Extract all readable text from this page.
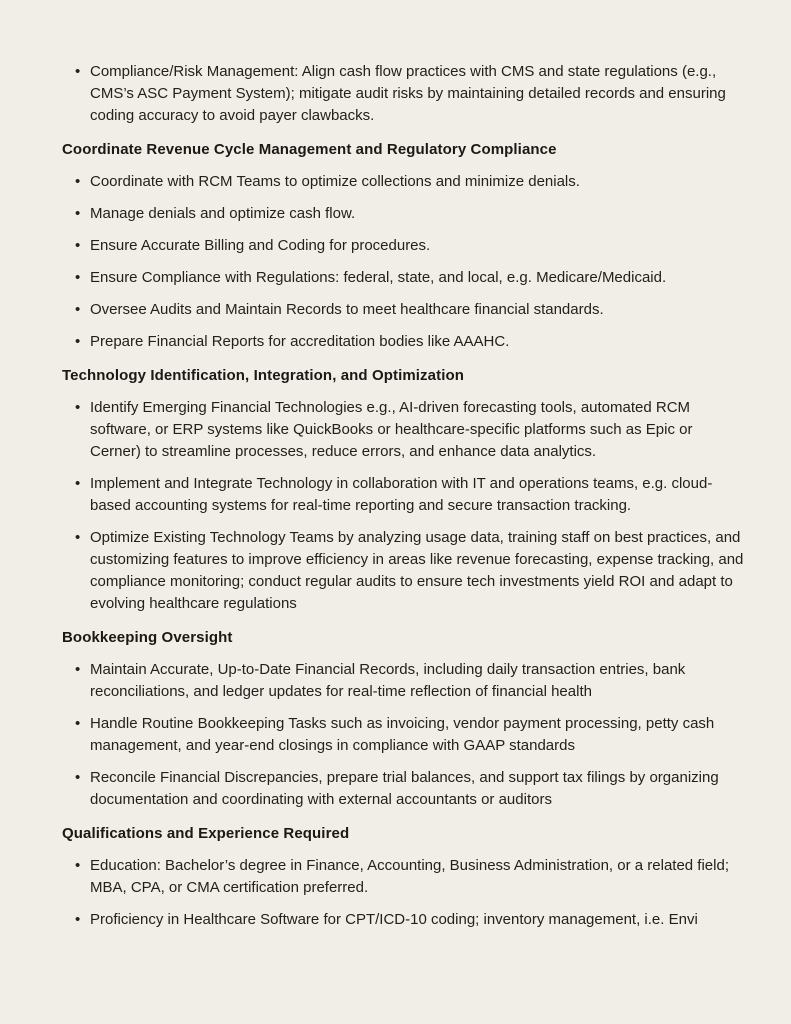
• Compliance/Risk Management: Align cash flow practices with CMS and state regulations (e.g., CMS’s ASC Payment System); mitigate audit risks by maintaining detailed records and ensuring coding accuracy to avoid payer clawbacks.
Coordinate Revenue Cycle Management and Regulatory Compliance
• Coordinate with RCM Teams to optimize collections and minimize denials.
• Manage denials and optimize cash flow.
• Ensure Accurate Billing and Coding for procedures.
• Ensure Compliance with Regulations: federal, state, and local, e.g. Medicare/Medicaid.
• Oversee Audits and Maintain Records to meet healthcare financial standards.
• Prepare Financial Reports for accreditation bodies like AAAHC.
Technology Identification, Integration, and Optimization
• Identify Emerging Financial Technologies e.g., AI-driven forecasting tools, automated RCM software, or ERP systems like QuickBooks or healthcare-specific platforms such as Epic or Cerner) to streamline processes, reduce errors, and enhance data analytics.
• Implement and Integrate Technology in collaboration with IT and operations teams, e.g. cloud-based accounting systems for real-time reporting and secure transaction tracking.
• Optimize Existing Technology Teams by analyzing usage data, training staff on best practices, and customizing features to improve efficiency in areas like revenue forecasting, expense tracking, and compliance monitoring; conduct regular audits to ensure tech investments yield ROI and adapt to evolving healthcare regulations
Bookkeeping Oversight
• Maintain Accurate, Up-to-Date Financial Records, including daily transaction entries, bank reconciliations, and ledger updates for real-time reflection of financial health
• Handle Routine Bookkeeping Tasks such as invoicing, vendor payment processing, petty cash management, and year-end closings in compliance with GAAP standards
• Reconcile Financial Discrepancies, prepare trial balances, and support tax filings by organizing documentation and coordinating with external accountants or auditors
Qualifications and Experience Required
• Education: Bachelor’s degree in Finance, Accounting, Business Administration, or a related field; MBA, CPA, or CMA certification preferred.
• Proficiency in Healthcare Software for CPT/ICD-10 coding; inventory management, i.e. Envi
